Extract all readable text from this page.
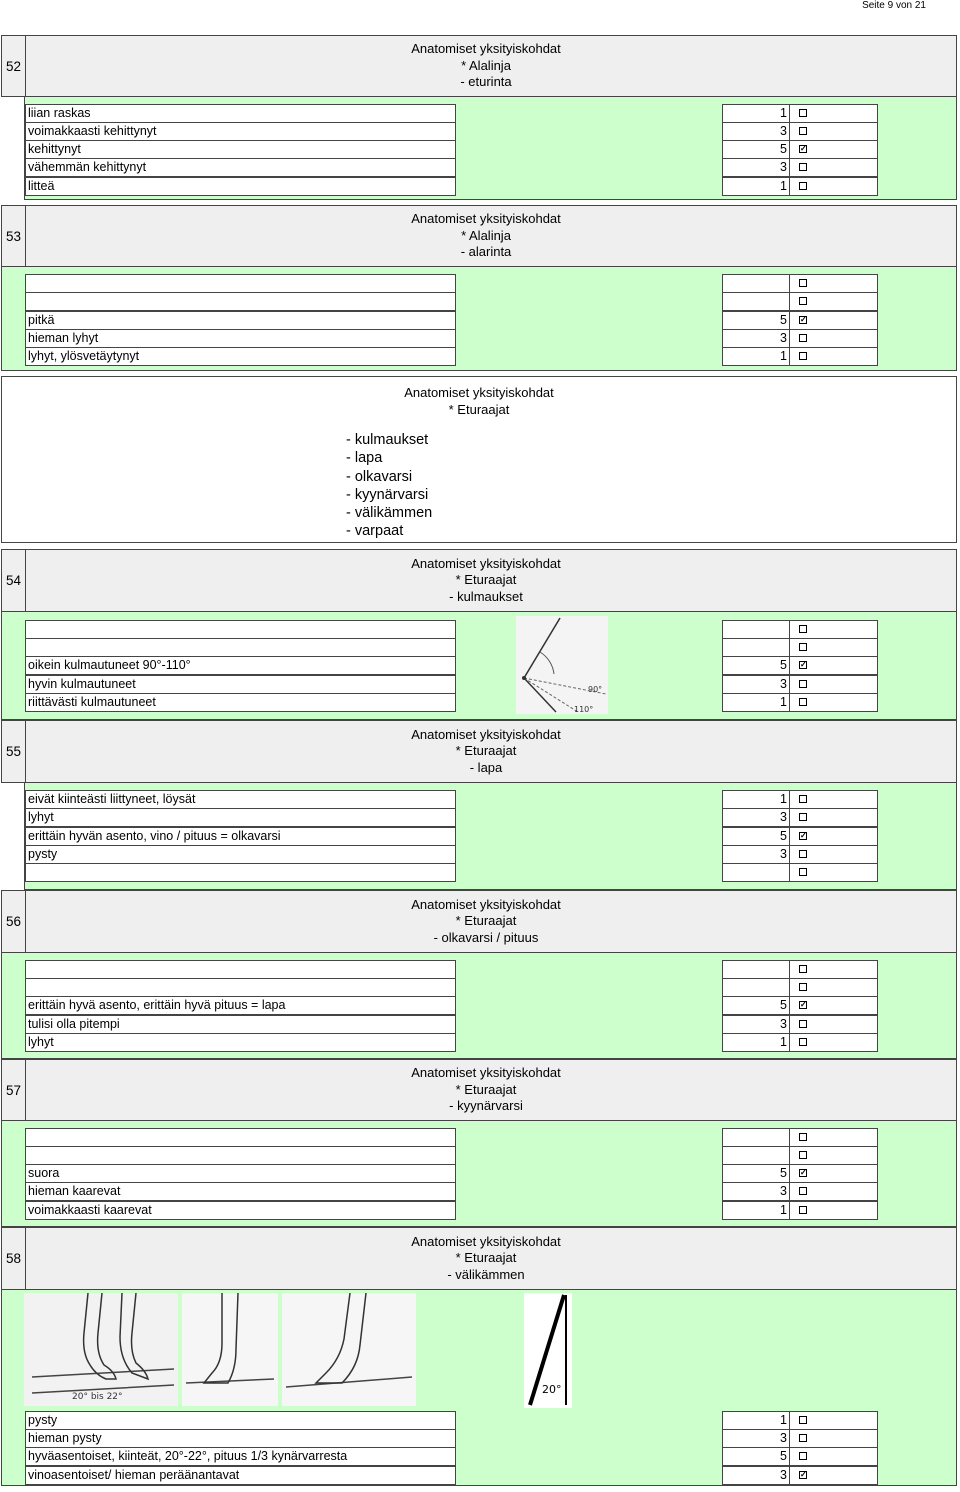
Seite 9 von 21
52
Anatomiset yksityiskohdat
* Alalinja
- eturinta
liian raskas
voimakkaasti kehittynyt
kehittynyt
vähemmän kehittynyt
litteä
1
3
5 ✓
3
1
53
Anatomiset yksityiskohdat
* Alalinja
- alarinta
pitkä
hieman lyhyt
lyhyt, ylösvetäytynyt
5 ✓
3
1
Anatomiset yksityiskohdat
* Eturaajat
- kulmaukset
- lapa
- olkavarsi
- kyynärvarsi
- välikämmen
- varpaat
54
Anatomiset yksityiskohdat
* Eturaajat
- kulmaukset
oikein kulmautuneet 90°-110°
hyvin kulmautuneet
riittävästi kulmautuneet
90°
110°
5 ✓
3
1
55
Anatomiset yksityiskohdat
* Eturaajat
- lapa
eivät kiinteästi liittyneet, löysät
lyhyt
erittäin hyvän asento, vino / pituus = olkavarsi
pysty
1
3
5 ✓
3
56
Anatomiset yksityiskohdat
* Eturaajat
- olkavarsi / pituus
erittäin hyvä asento, erittäin hyvä pituus = lapa
tulisi olla pitempi
lyhyt
5 ✓
3
1
57
Anatomiset yksityiskohdat
* Eturaajat
- kyynärvarsi
suora
hieman kaarevat
voimakkaasti kaarevat
5 ✓
3
1
58
Anatomiset yksityiskohdat
* Eturaajat
- välikämmen
20° bis 22°
20°
pysty
hieman pysty
hyväasentoiset, kiinteät, 20°-22°, pituus 1/3 kynärvarresta
vinoasentoiset/ hieman peräänantavat
1
3
5
3 ✓
